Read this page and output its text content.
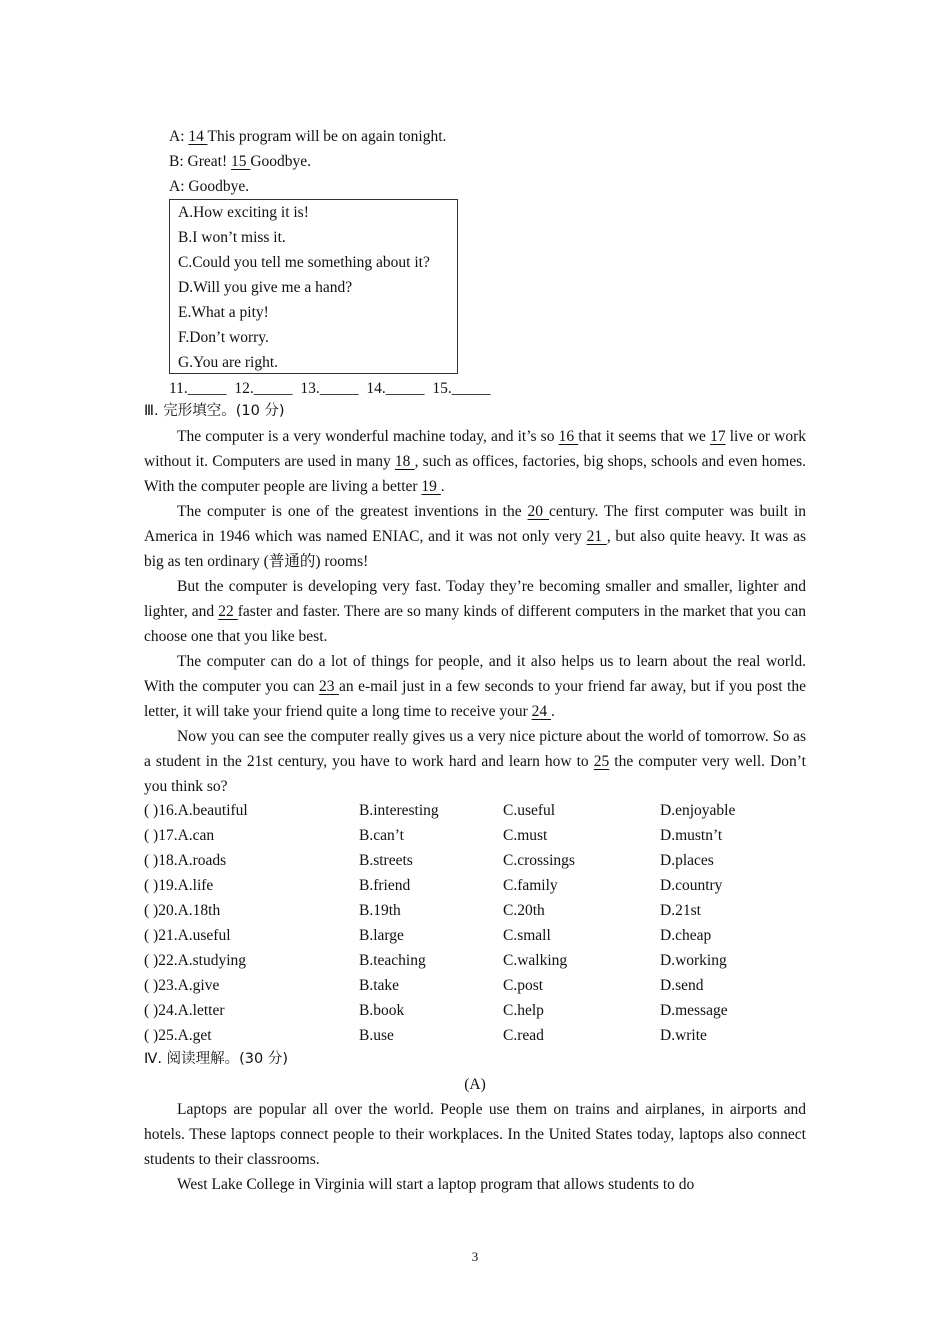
A: 14 This program will be on again tonight.
B: Great! 15 Goodbye.
A: Goodbye.
A.How exciting it is!
B.I won’t miss it.
C.Could you tell me something about it?
D.Will you give me a hand?
E.What a pity!
F.Don’t worry.
G.You are right.
11._____ 12._____ 13._____ 14._____ 15._____
Ⅲ. 完形填空。(10 分)
The computer is a very wonderful machine today, and it’s so 16 that it seems that we 17 live or work without it. Computers are used in many 18 , such as offices, factories, big shops, schools and even homes. With the computer people are living a better 19 .
The computer is one of the greatest inventions in the 20 century. The first computer was built in America in 1946 which was named ENIAC, and it was not only very 21 , but also quite heavy. It was as big as ten ordinary (普通的) rooms!
But the computer is developing very fast. Today they’re becoming smaller and smaller, lighter and lighter, and 22 faster and faster. There are so many kinds of different computers in the market that you can choose one that you like best.
The computer can do a lot of things for people, and it also helps us to learn about the real world. With the computer you can 23 an e-mail just in a few seconds to your friend far away, but if you post the letter, it will take your friend quite a long time to receive your 24 .
Now you can see the computer really gives us a very nice picture about the world of tomorrow. So as a student in the 21st century, you have to work hard and learn how to 25 the computer very well. Don’t you think so?
( )16.A.beautiful	B.interesting	C.useful	D.enjoyable
( )17.A.can	B.can’t	C.must	D.mustn’t
( )18.A.roads	B.streets	C.crossings	D.places
( )19.A.life	B.friend	C.family	D.country
( )20.A.18th	B.19th	C.20th	D.21st
( )21.A.useful	B.large	C.small	D.cheap
( )22.A.studying	B.teaching	C.walking	D.working
( )23.A.give	B.take	C.post	D.send
( )24.A.letter	B.book	C.help	D.message
( )25.A.get	B.use	C.read	D.write
Ⅳ. 阅读理解。(30 分)
(A)
Laptops are popular all over the world. People use them on trains and airplanes, in airports and hotels. These laptops connect people to their workplaces. In the United States today, laptops also connect students to their classrooms.
West Lake College in Virginia will start a laptop program that allows students to do
3
